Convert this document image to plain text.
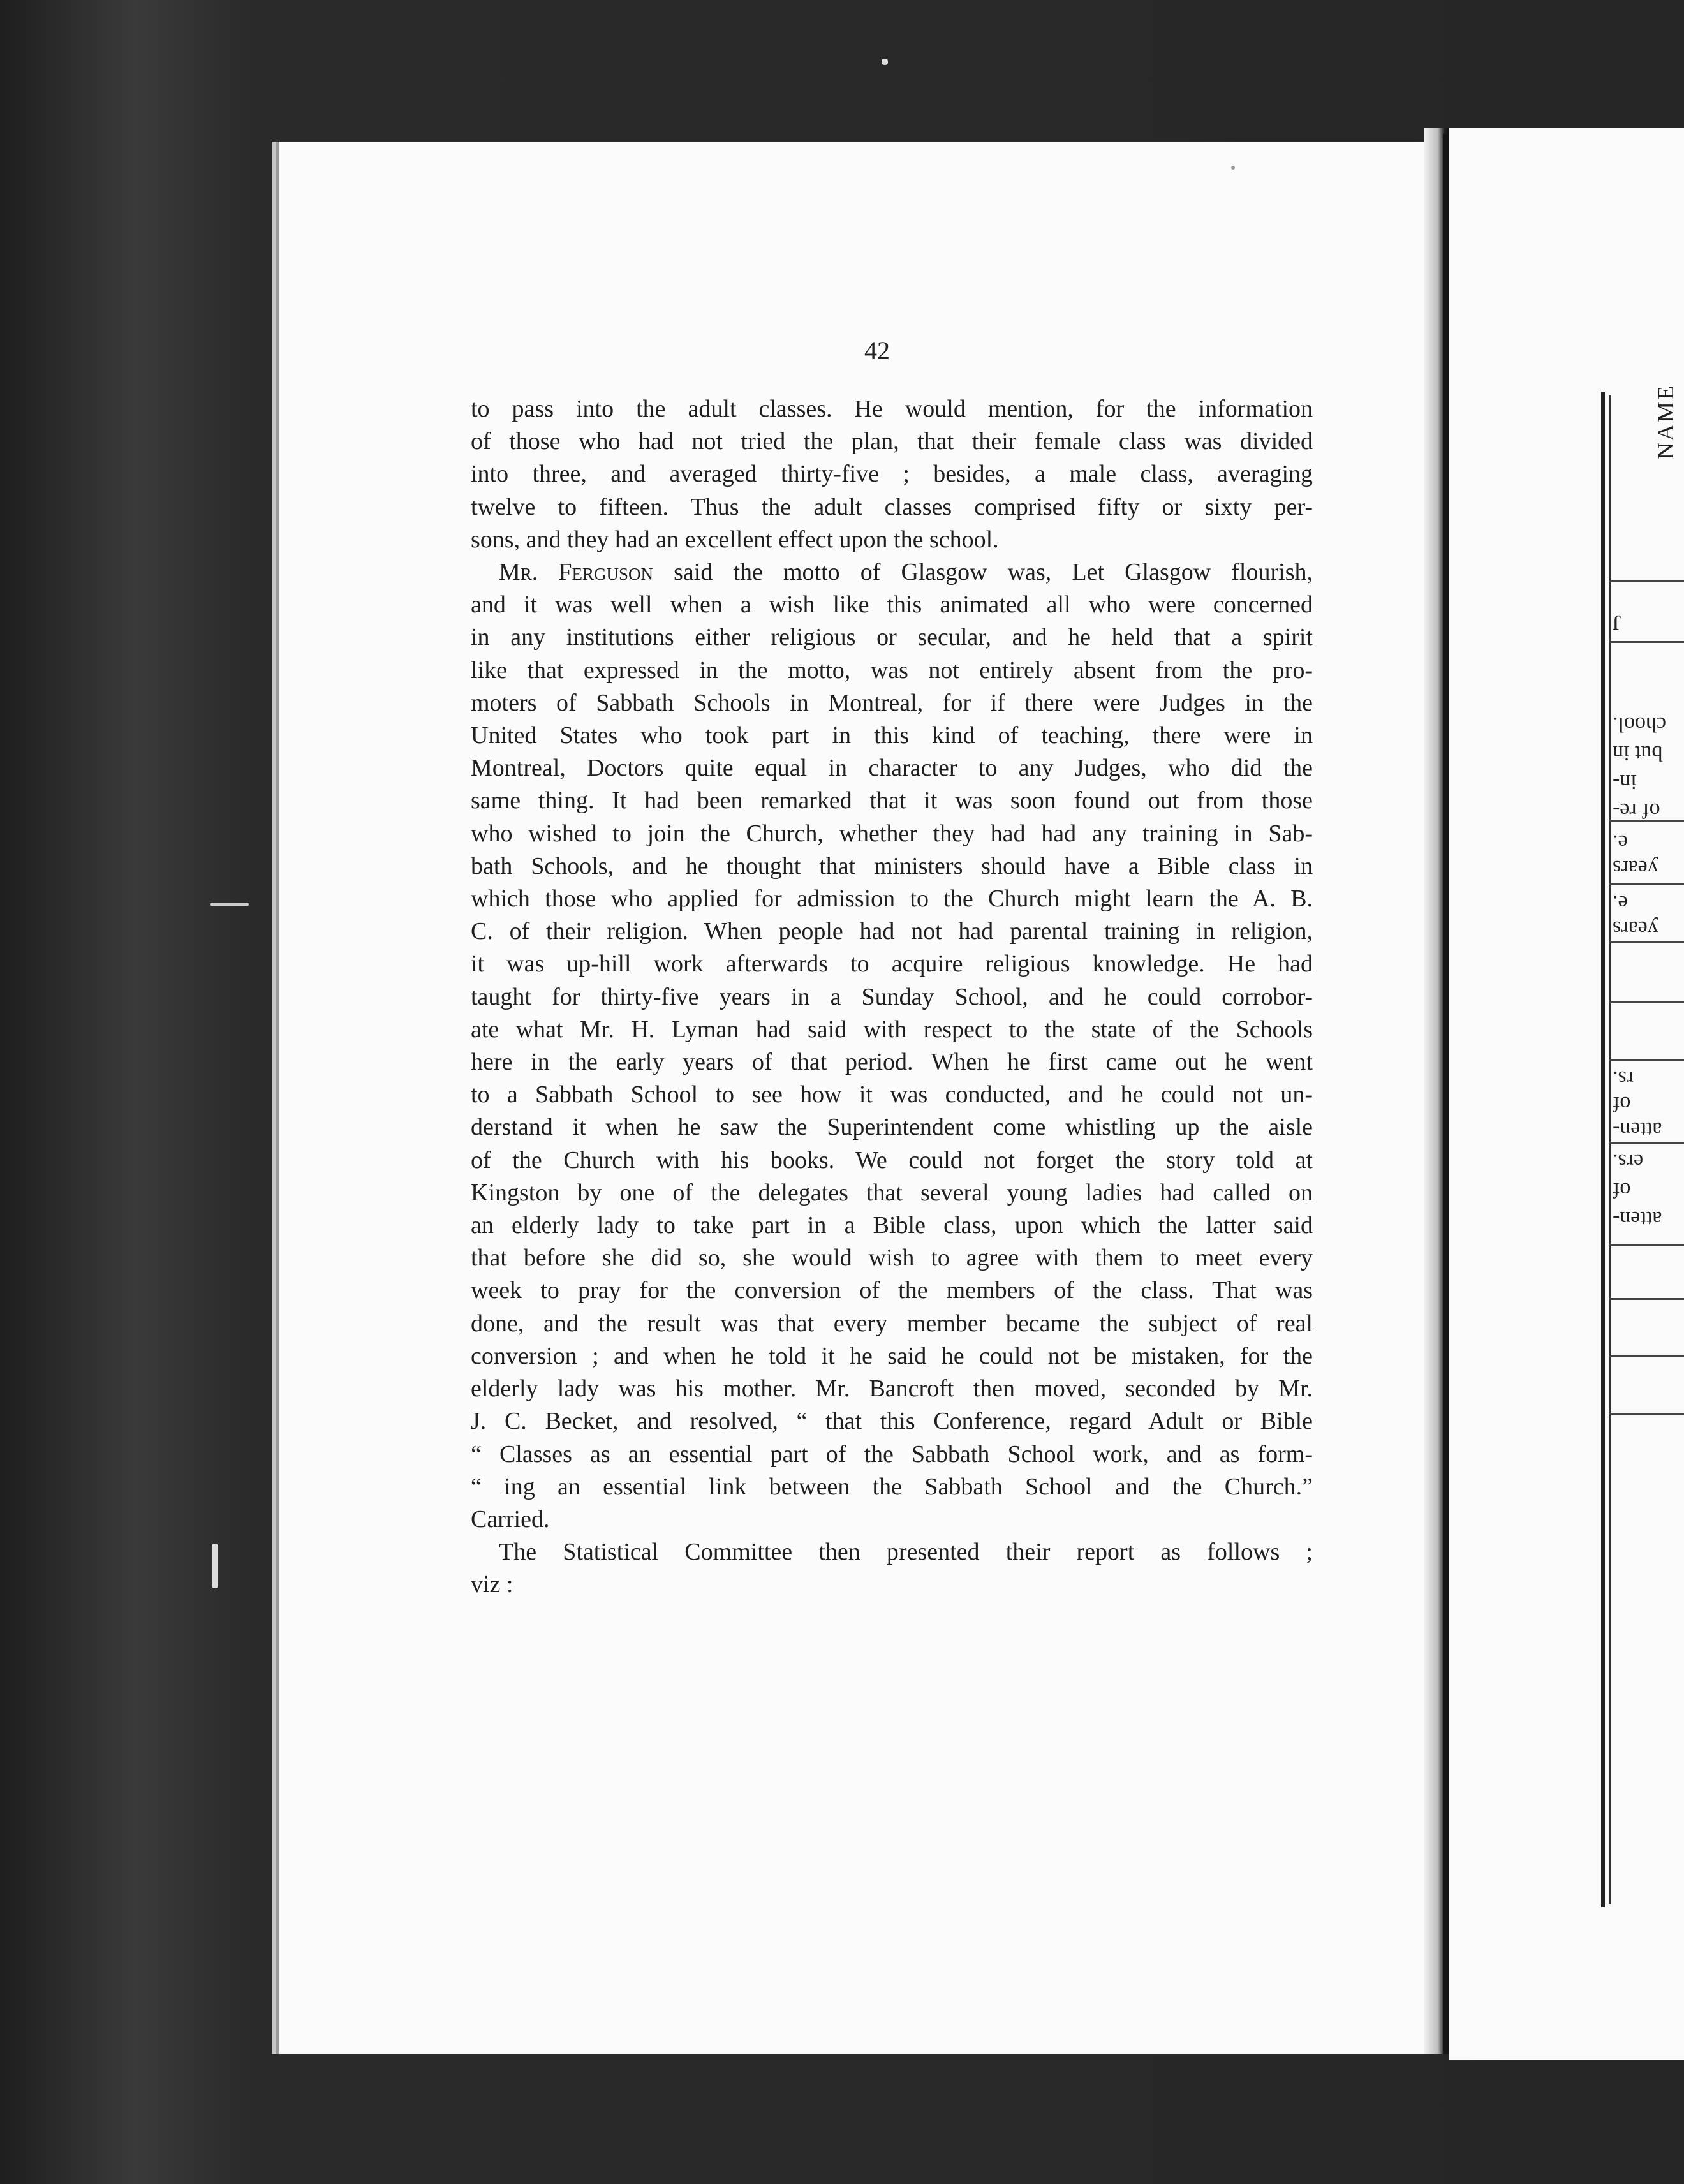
NAME
J
chool.
but in
in-
of re-
e.
years
e.
years
rs.
of
atten-
ers.
of
atten-
42

to pass into the adult classes. He would mention, for the information

of those who had not tried the plan, that their female class was divided

into three, and averaged thirty-five ; besides, a male class, averaging

twelve to fifteen. Thus the adult classes comprised fifty or sixty per-

sons, and they had an excellent effect upon the school.

Mr. Ferguson said the motto of Glasgow was, Let Glasgow flourish,

and it was well when a wish like this animated all who were concerned

in any institutions either religious or secular, and he held that a spirit

like that expressed in the motto, was not entirely absent from the pro-

moters of Sabbath Schools in Montreal, for if there were Judges in the

United States who took part in this kind of teaching, there were in

Montreal, Doctors quite equal in character to any Judges, who did the

same thing. It had been remarked that it was soon found out from those

who wished to join the Church, whether they had had any training in Sab-

bath Schools, and he thought that ministers should have a Bible class in

which those who applied for admission to the Church might learn the A. B.

C. of their religion. When people had not had parental training in religion,

it was up-hill work afterwards to acquire religious knowledge. He had

taught for thirty-five years in a Sunday School, and he could corrobor-

ate what Mr. H. Lyman had said with respect to the state of the Schools

here in the early years of that period. When he first came out he went

to a Sabbath School to see how it was conducted, and he could not un-

derstand it when he saw the Superintendent come whistling up the aisle

of the Church with his books. We could not forget the story told at

Kingston by one of the delegates that several young ladies had called on

an elderly lady to take part in a Bible class, upon which the latter said

that before she did so, she would wish to agree with them to meet every

week to pray for the conversion of the members of the class. That was

done, and the result was that every member became the subject of real

conversion ; and when he told it he said he could not be mistaken, for the

elderly lady was his mother. Mr. Bancroft then moved, seconded by Mr.

J. C. Becket, and resolved, “ that this Conference, regard Adult or Bible

“ Classes as an essential part of the Sabbath School work, and as form-

“ ing an essential link between the Sabbath School and the Church.”

Carried.

The Statistical Committee then presented their report as follows ;

viz :
